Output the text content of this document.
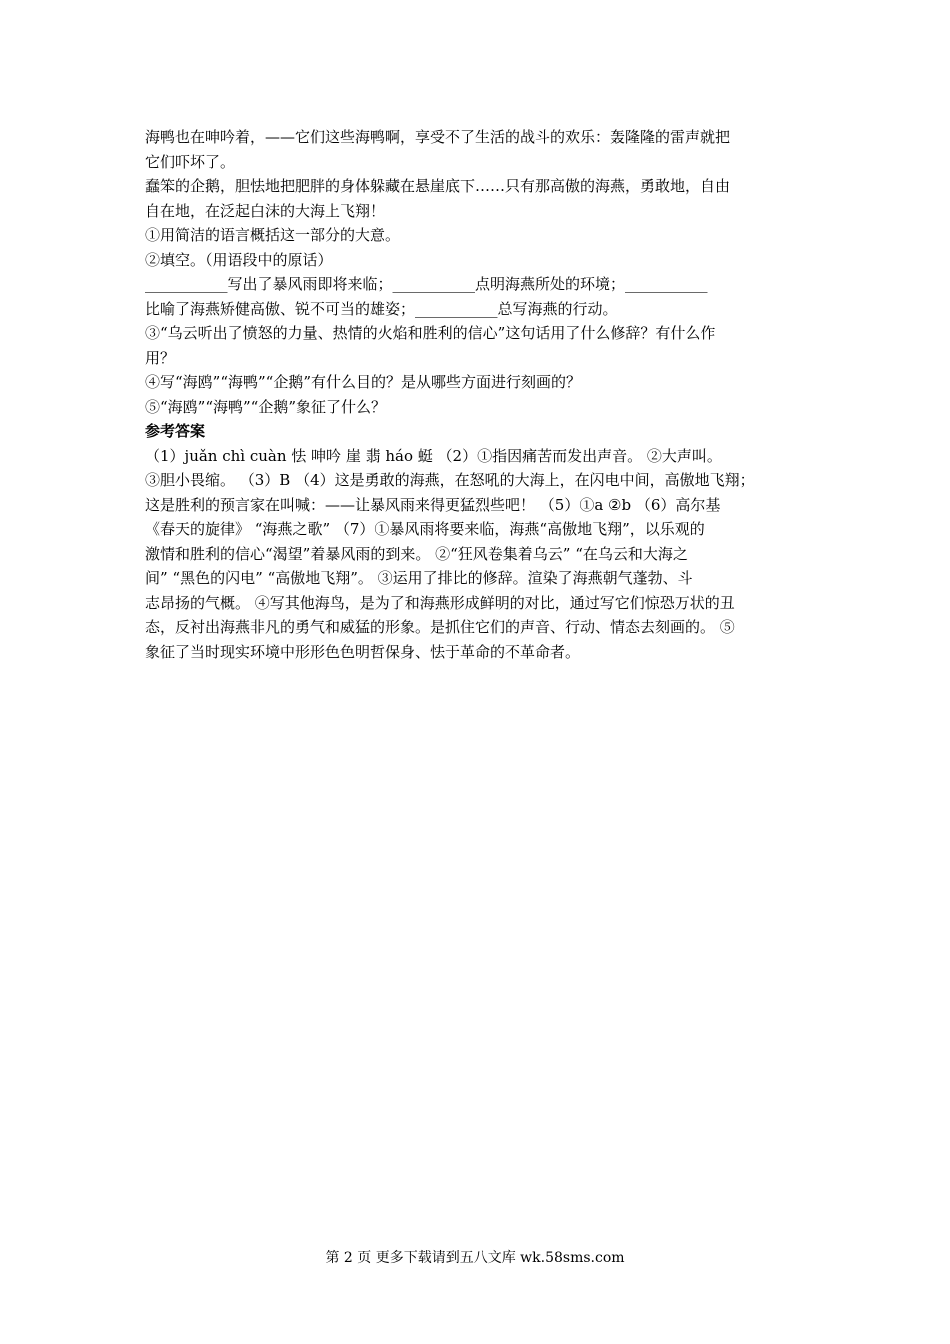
海鸭也在呻吟着，——它们这些海鸭啊，享受不了生活的战斗的欢乐：轰隆隆的雷声就把
它们吓坏了。
蠢笨的企鹅，胆怯地把肥胖的身体躲藏在悬崖底下……只有那高傲的海燕，勇敢地，自由
自在地，在泛起白沫的大海上飞翔！
①用简洁的语言概括这一部分的大意。
②填空。（用语段中的原话）
___________写出了暴风雨即将来临；___________点明海燕所处的环境；___________
比喻了海燕矫健高傲、锐不可当的雄姿；___________总写海燕的行动。
③“乌云听出了愤怒的力量、热情的火焰和胜利的信心”这句话用了什么修辞？有什么作
用？
④写“海鸥”“海鸭”“企鹅”有什么目的？是从哪些方面进行刻画的？
⑤“海鸥”“海鸭”“企鹅”象征了什么？
参考答案
（1）juǎn chì cuàn 怯 呻吟 崖 翡 háo 蜓 （2）①指因痛苦而发出声音。 ②大声叫。
③胆小畏缩。 （3）B （4）这是勇敢的海燕，在怒吼的大海上，在闪电中间，高傲地飞翔；
这是胜利的预言家在叫喊：——让暴风雨来得更猛烈些吧！ （5）①a ②b （6）高尔基
《春天的旋律》 “海燕之歌” （7）①暴风雨将要来临，海燕“高傲地飞翔”，以乐观的
激情和胜利的信心“渴望”着暴风雨的到来。 ②“狂风卷集着乌云” “在乌云和大海之
间” “黑色的闪电” “高傲地飞翔”。 ③运用了排比的修辞。渲染了海燕朝气蓬勃、斗
志昂扬的气概。 ④写其他海鸟，是为了和海燕形成鲜明的对比，通过写它们惊恐万状的丑
态，反衬出海燕非凡的勇气和威猛的形象。是抓住它们的声音、行动、情态去刻画的。 ⑤
象征了当时现实环境中形形色色明哲保身、怯于革命的不革命者。
第 2 页 更多下载请到五八文库 wk.58sms.com
